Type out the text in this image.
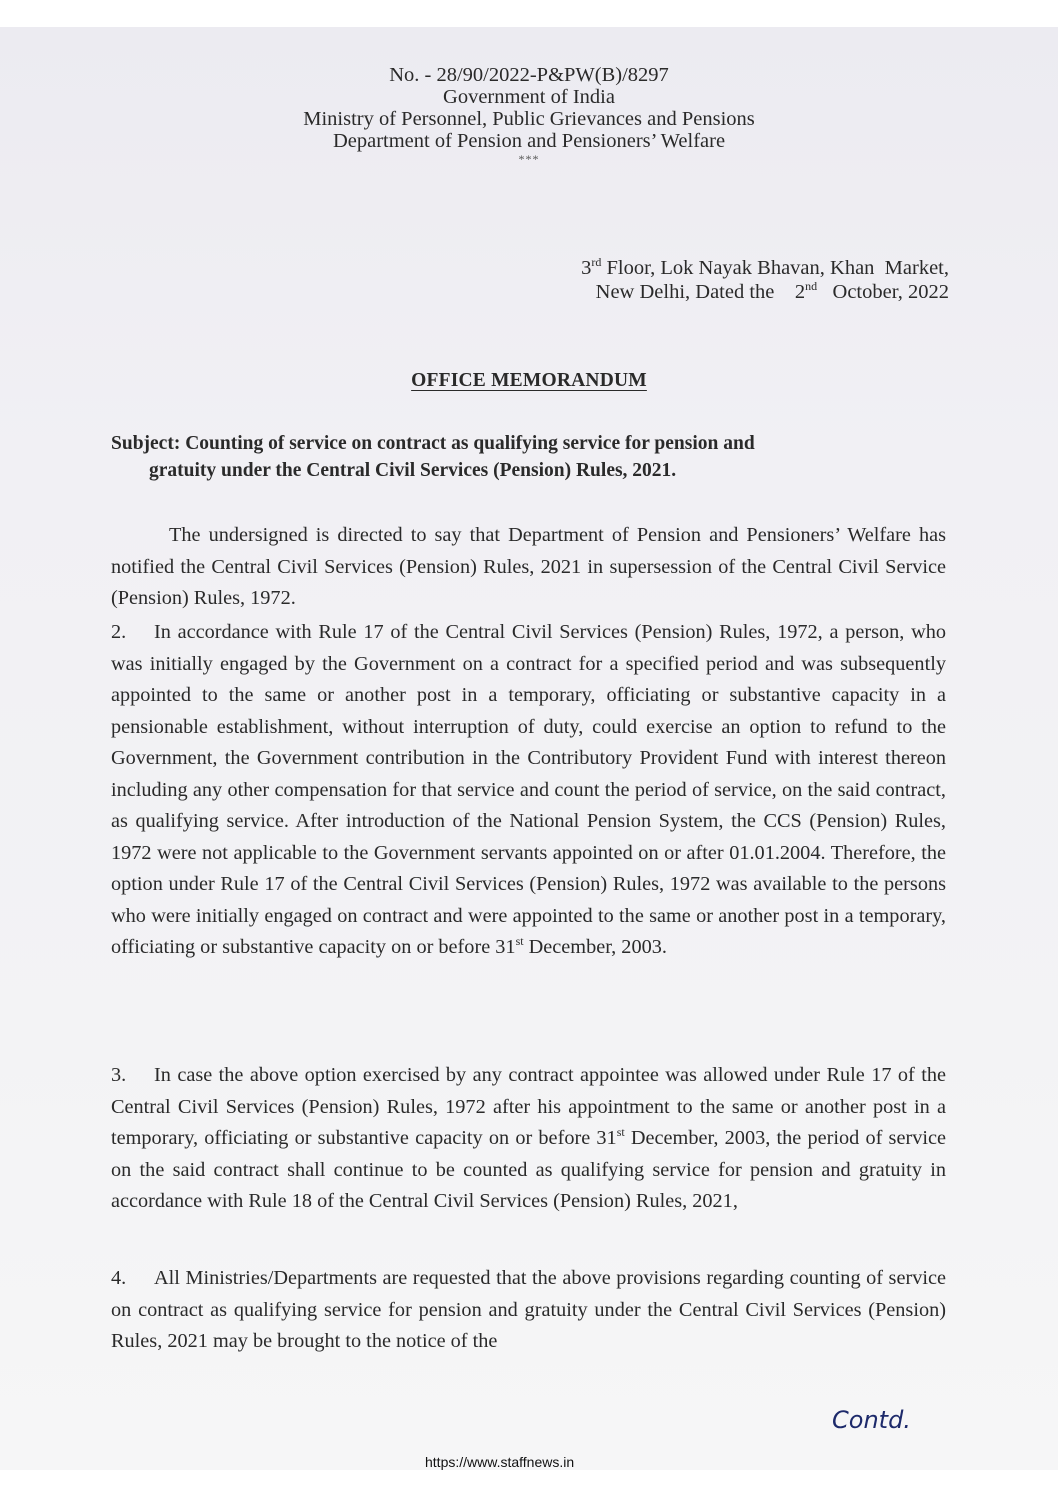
No. - 28/90/2022-P&PW(B)/8297
Government of India
Ministry of Personnel, Public Grievances and Pensions
Department of Pension and Pensioners’ Welfare
***
3rd Floor, Lok Nayak Bhavan, Khan  Market,
New Delhi, Dated the    2nd   October, 2022
OFFICE MEMORANDUM
Subject: Counting of service on contract as qualifying service for pension and
gratuity under the Central Civil Services (Pension) Rules, 2021.

The undersigned is directed to say that Department of Pension and Pensioners’ Welfare has notified the Central Civil Services (Pension) Rules, 2021 in supersession of the Central Civil Service (Pension) Rules, 1972.

2. In accordance with Rule 17 of the Central Civil Services (Pension) Rules, 1972, a person, who was initially engaged by the Government on a contract for a specified period and was subsequently appointed to the same or another post in a temporary, officiating or substantive capacity in a pensionable establishment, without interruption of duty, could exercise an option to refund to the Government, the Government contribution in the Contributory Provident Fund with interest thereon including any other compensation for that service and count the period of service, on the said contract, as qualifying service. After introduction of the National Pension System, the CCS (Pension) Rules, 1972 were not applicable to the Government servants appointed on or after 01.01.2004. Therefore, the option under Rule 17 of the Central Civil Services (Pension) Rules, 1972 was available to the persons who were initially engaged on contract and were appointed to the same or another post in a temporary, officiating or substantive capacity on or before 31st December, 2003.

3. In case the above option exercised by any contract appointee was allowed under Rule 17 of the Central Civil Services (Pension) Rules, 1972 after his appointment to the same or another post in a temporary, officiating or substantive capacity on or before 31st December, 2003, the period of service on the said contract shall continue to be counted as qualifying service for pension and gratuity in accordance with Rule 18 of the Central Civil Services (Pension) Rules, 2021,

4. All Ministries/Departments are requested that the above provisions regarding counting of service on contract as qualifying service for pension and gratuity under the Central Civil Services (Pension) Rules, 2021 may be brought to the notice of the

Contd.
https://www.staffnews.in
